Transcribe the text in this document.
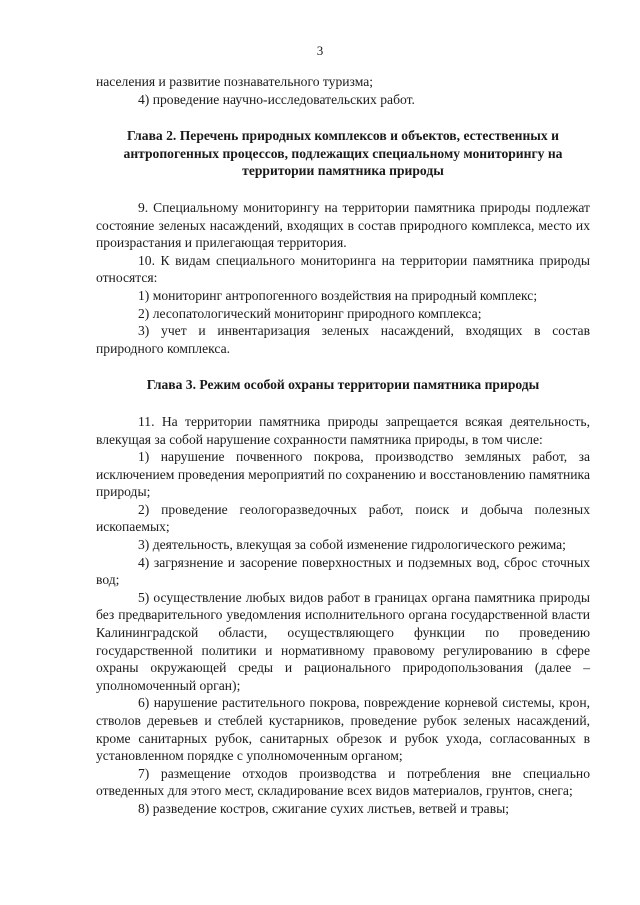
3

населения и развитие познавательного туризма;

4) проведение научно-исследовательских работ.

Глава 2. Перечень природных комплексов и объектов, естественных и антропогенных процессов, подлежащих специальному мониторингу на территории памятника природы

9. Специальному мониторингу на территории памятника природы подлежат состояние зеленых насаждений, входящих в состав природного комплекса, место их произрастания и прилегающая территория.

10. К видам специального мониторинга на территории памятника природы относятся:

1) мониторинг антропогенного воздействия на природный комплекс;

2) лесопатологический мониторинг природного комплекса;

3) учет и инвентаризация зеленых насаждений, входящих в состав природного комплекса.

Глава 3. Режим особой охраны территории памятника природы

11. На территории памятника природы запрещается всякая деятельность, влекущая за собой нарушение сохранности памятника природы, в том числе:

1) нарушение почвенного покрова, производство земляных работ, за исключением проведения мероприятий по сохранению и восстановлению памятника природы;

2) проведение геологоразведочных работ, поиск и добыча полезных ископаемых;

3) деятельность, влекущая за собой изменение гидрологического режима;

4) загрязнение и засорение поверхностных и подземных вод, сброс сточных вод;

5) осуществление любых видов работ в границах органа памятника природы без предварительного уведомления исполнительного органа государственной власти Калининградской области, осуществляющего функции по проведению государственной политики и нормативному правовому регулированию в сфере охраны окружающей среды и рационального природопользования (далее – уполномоченный орган);

6) нарушение растительного покрова, повреждение корневой системы, крон, стволов деревьев и стеблей кустарников, проведение рубок зеленых насаждений, кроме санитарных рубок, санитарных обрезок и рубок ухода, согласованных в установленном порядке с уполномоченным органом;

7) размещение отходов производства и потребления вне специально отведенных для этого мест, складирование всех видов материалов, грунтов, снега;

8) разведение костров, сжигание сухих листьев, ветвей и травы;
